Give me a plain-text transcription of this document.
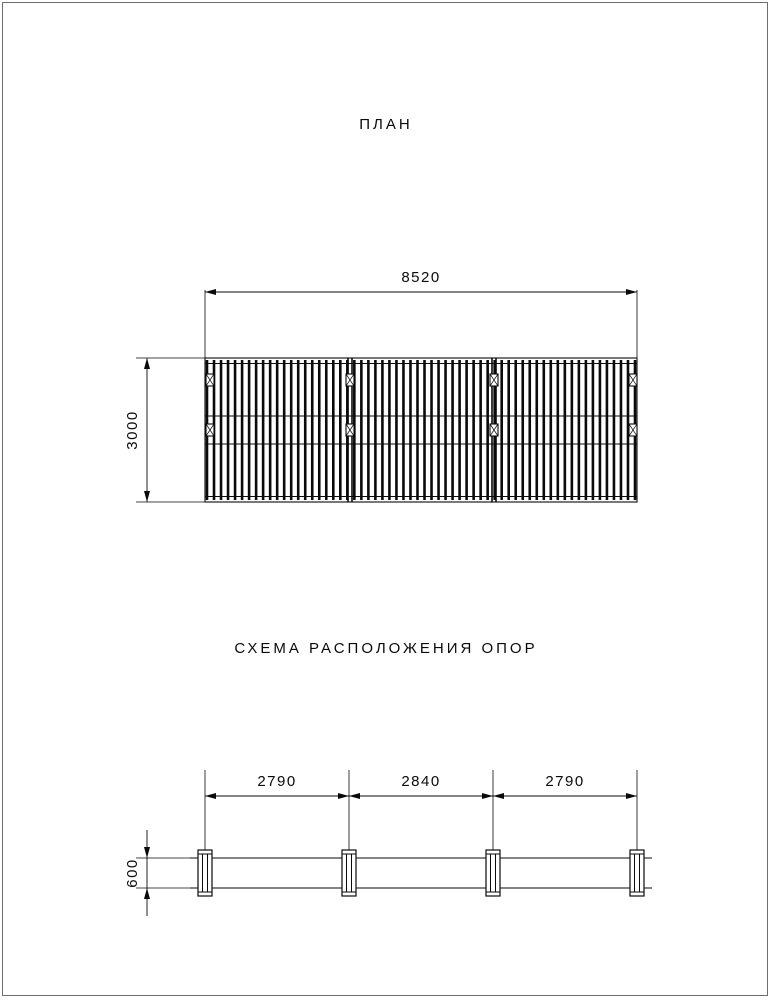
ПЛАН
СХЕМА РАСПОЛОЖЕНИЯ ОПОР
8520
3000
2790	2840	2790
600
